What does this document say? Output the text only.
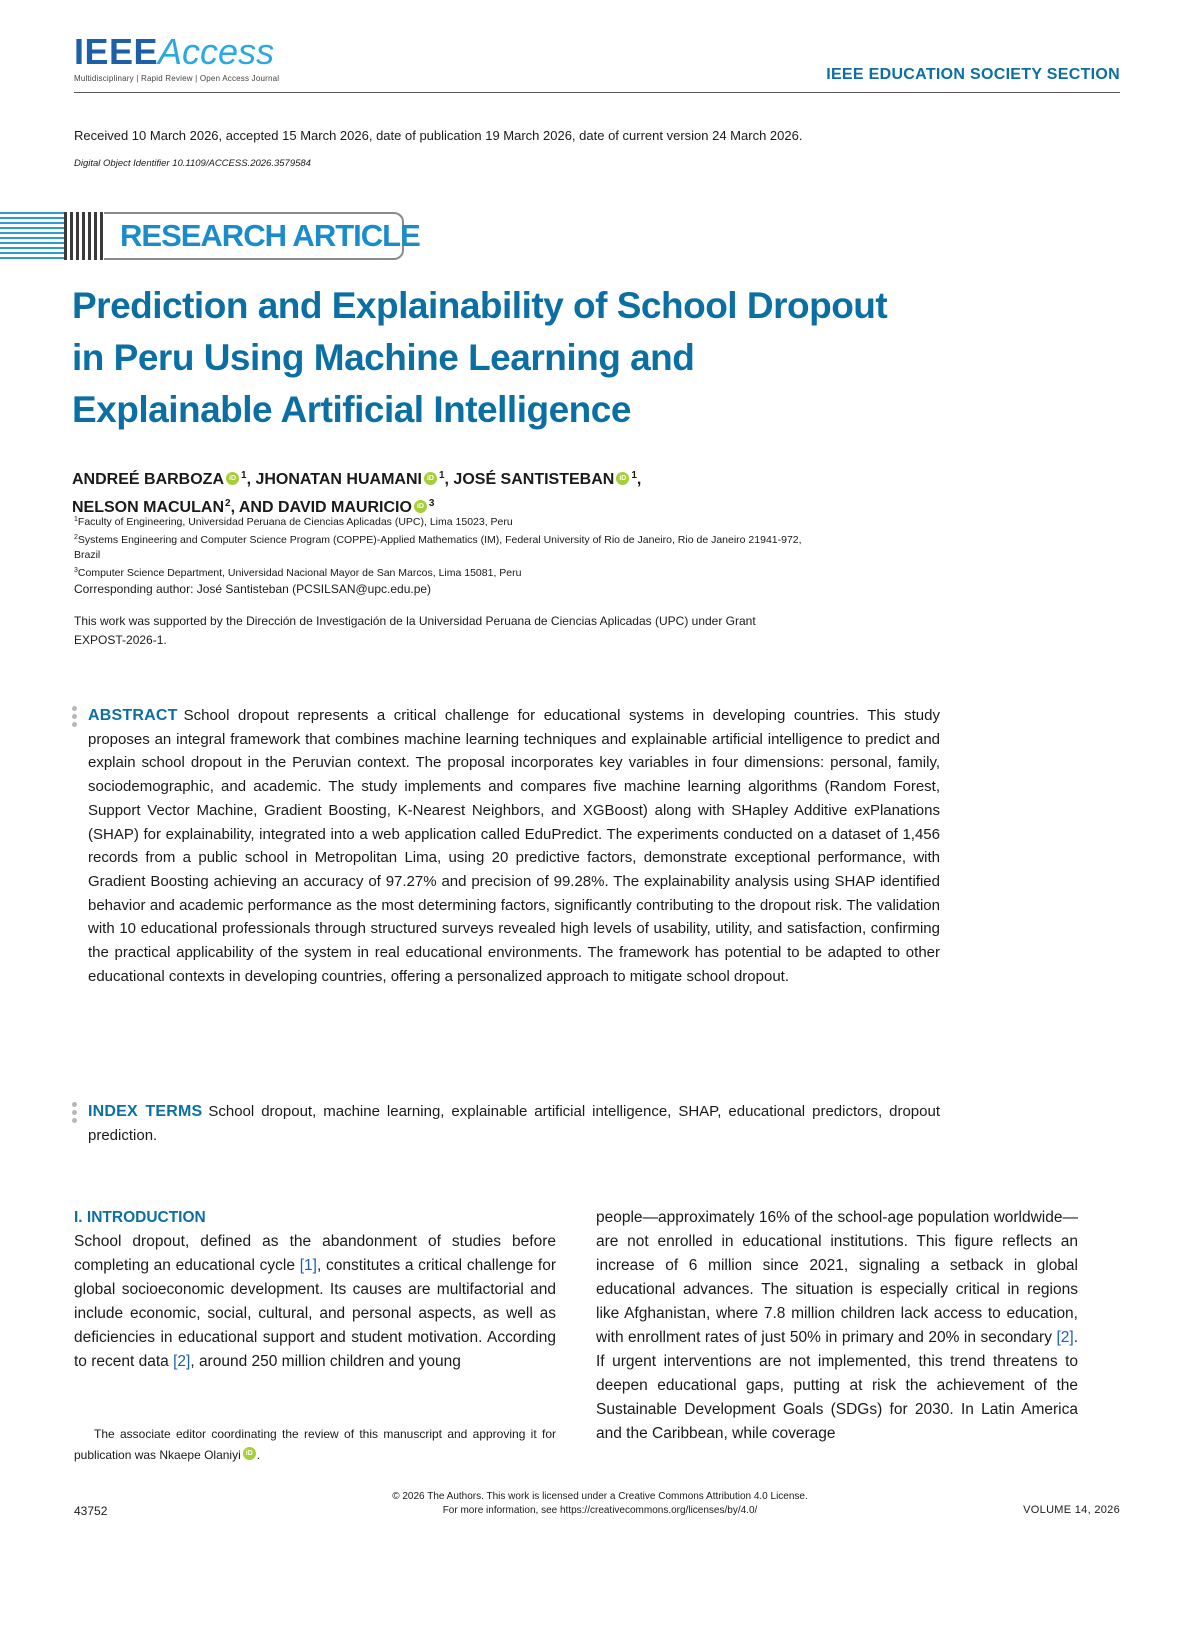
IEEEAccess
Multidisciplinary | Rapid Review | Open Access Journal	IEEE EDUCATION SOCIETY SECTION
Received 10 March 2026, accepted 15 March 2026, date of publication 19 March 2026, date of current version 24 March 2026.
Digital Object Identifier 10.1109/ACCESS.2026.3579584
RESEARCH ARTICLE
Prediction and Explainability of School Dropout
in Peru Using Machine Learning and
Explainable Artificial Intelligence
ANDREÉ BARBOZA iD $^1$, JHONATAN HUAMANI iD $^1$, JOSÉ SANTISTEBAN iD $^1$,
NELSON MACULAN$^2$, AND DAVID MAURICIO iD $^3$
$^1$Faculty of Engineering, Universidad Peruana de Ciencias Aplicadas (UPC), Lima 15023, Peru
$^2$Systems Engineering and Computer Science Program (COPPE)-Applied Mathematics (IM), Federal University of Rio de Janeiro, Rio de Janeiro 21941-972,
Brazil
$^3$Computer Science Department, Universidad Nacional Mayor de San Marcos, Lima 15081, Peru
Corresponding author: José Santisteban (PCSILSAN@upc.edu.pe)
This work was supported by the Dirección de Investigación de la Universidad Peruana de Ciencias Aplicadas (UPC) under Grant
EXPOST-2026-1.
ABSTRACT School dropout represents a critical challenge for educational systems in developing countries. This study proposes an integral framework that combines machine learning techniques and explainable artificial intelligence to predict and explain school dropout in the Peruvian context. The proposal incorporates key variables in four dimensions: personal, family, sociodemographic, and academic. The study implements and compares five machine learning algorithms (Random Forest, Support Vector Machine, Gradient Boosting, K-Nearest Neighbors, and XGBoost) along with SHapley Additive exPlanations (SHAP) for explainability, integrated into a web application called EduPredict. The experiments conducted on a dataset of 1,456 records from a public school in Metropolitan Lima, using 20 predictive factors, demonstrate exceptional performance, with Gradient Boosting achieving an accuracy of 97.27% and precision of 99.28%. The explainability analysis using SHAP identified behavior and academic performance as the most determining factors, significantly contributing to the dropout risk. The validation with 10 educational professionals through structured surveys revealed high levels of usability, utility, and satisfaction, confirming the practical applicability of the system in real educational environments. The framework has potential to be adapted to other educational contexts in developing countries, offering a personalized approach to mitigate school dropout.
INDEX TERMS School dropout, machine learning, explainable artificial intelligence, SHAP, educational predictors, dropout prediction.
I. INTRODUCTION
School dropout, defined as the abandonment of studies before completing an educational cycle [1], constitutes a critical challenge for global socioeconomic development. Its causes are multifactorial and include economic, social, cultural, and personal aspects, as well as deficiencies in educational support and student motivation. According to recent data [2], around 250 million children and young
people—approximately 16% of the school-age population worldwide—are not enrolled in educational institutions. This figure reflects an increase of 6 million since 2021, signaling a setback in global educational advances. The situation is especially critical in regions like Afghanistan, where 7.8 million children lack access to education, with enrollment rates of just 50% in primary and 20% in secondary [2]. If urgent interventions are not implemented, this trend threatens to deepen educational gaps, putting at risk the achievement of the Sustainable Development Goals (SDGs) for 2030. In Latin America and the Caribbean, while coverage
The associate editor coordinating the review of this manuscript and approving it for publication was Nkaepe Olaniyi iD .
© 2026 The Authors. This work is licensed under a Creative Commons Attribution 4.0 License.
For more information, see https://creativecommons.org/licenses/by/4.0/
43752	VOLUME 14, 2026
